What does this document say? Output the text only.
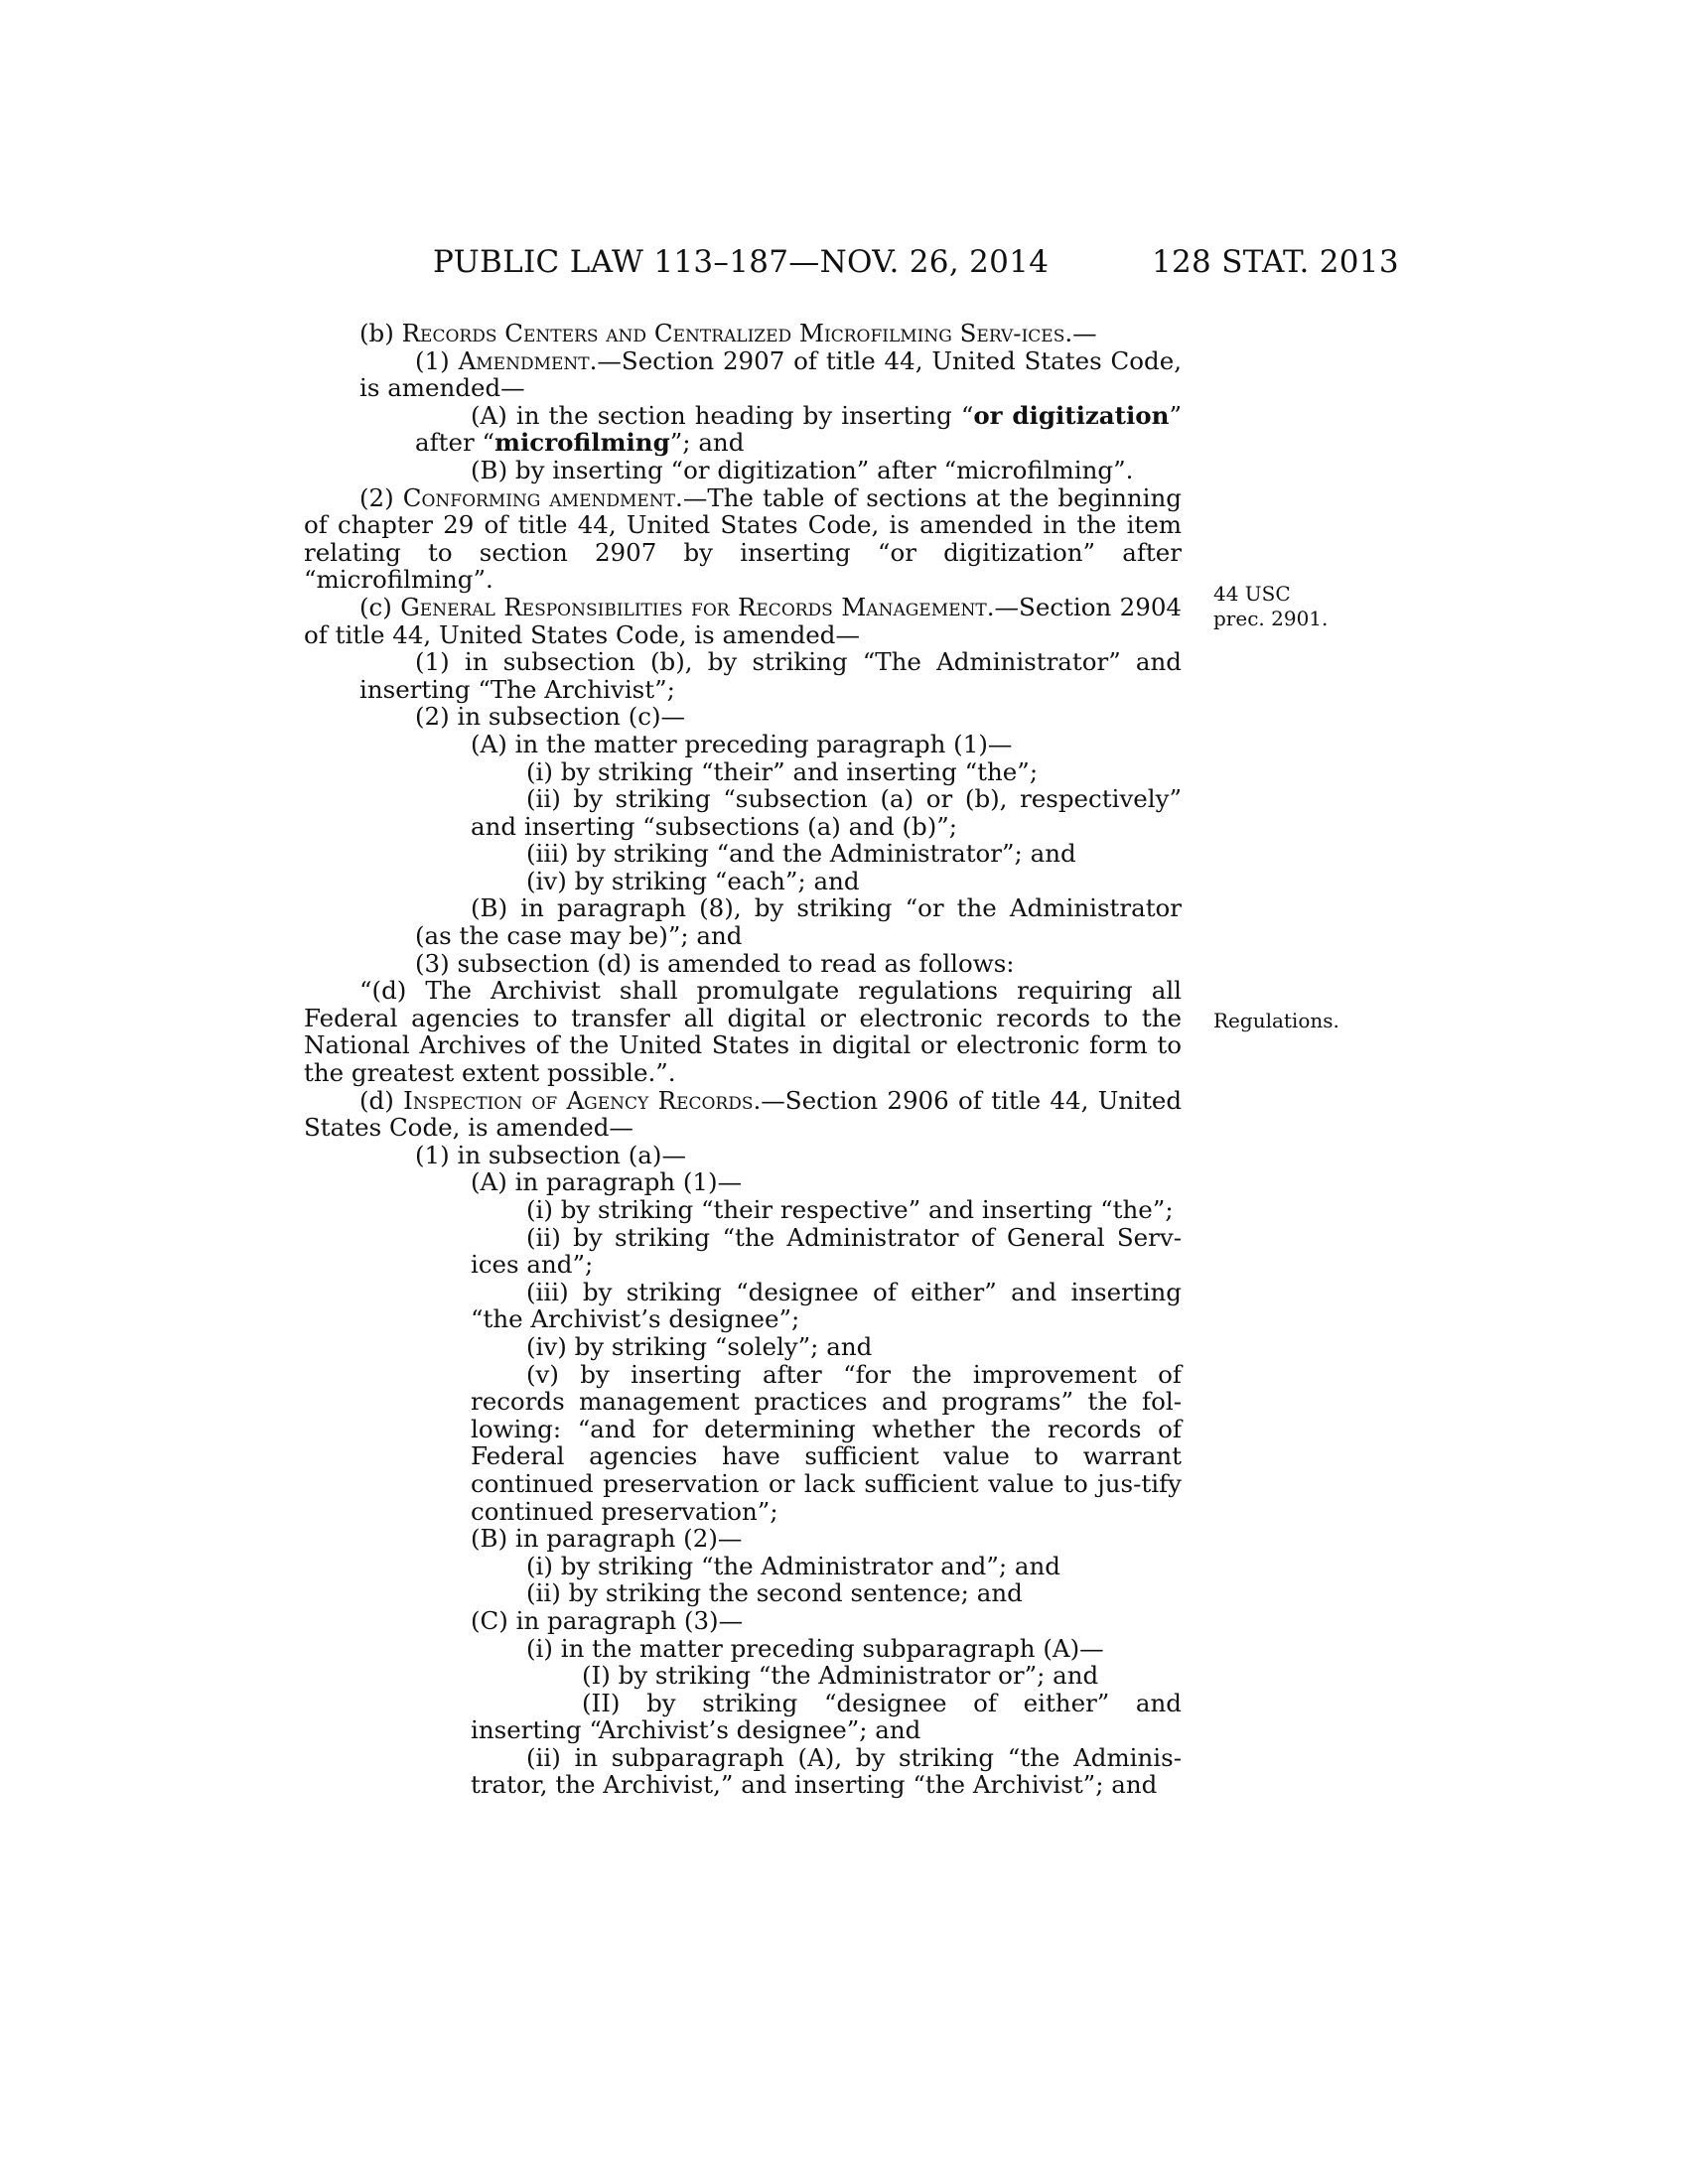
PUBLIC LAW 113–187—NOV. 26, 2014	128 STAT. 2013

(b) Records Centers and Centralized Microfilming Serv-ices.—

(1) Amendment.—Section 2907 of title 44, United States Code, is amended—

(A) in the section heading by inserting “or digitization” after “microfilming”; and

(B) by inserting “or digitization” after “microfilming”.

(2) Conforming amendment.—The table of sections at the beginning of chapter 29 of title 44, United States Code, is amended in the item relating to section 2907 by inserting “or digitization” after “microfilming”.

(c) General Responsibilities for Records Management.—Section 2904 of title 44, United States Code, is amended—

(1) in subsection (b), by striking “The Administrator” and inserting “The Archivist”;

(2) in subsection (c)—

(A) in the matter preceding paragraph (1)—

(i) by striking “their” and inserting “the”;

(ii) by striking “subsection (a) or (b), respectively” and inserting “subsections (a) and (b)”;

(iii) by striking “and the Administrator”; and

(iv) by striking “each”; and

(B) in paragraph (8), by striking “or the Administrator (as the case may be)”; and

(3) subsection (d) is amended to read as follows:

“(d) The Archivist shall promulgate regulations requiring all Federal agencies to transfer all digital or electronic records to the National Archives of the United States in digital or electronic form to the greatest extent possible.”.

(d) Inspection of Agency Records.—Section 2906 of title 44, United States Code, is amended—

(1) in subsection (a)—

(A) in paragraph (1)—

(i) by striking “their respective” and inserting “the”;

(ii) by striking “the Administrator of General Serv-ices and”;

(iii) by striking “designee of either” and inserting “the Archivist’s designee”;

(iv) by striking “solely”; and

(v) by inserting after “for the improvement of records management practices and programs” the fol-lowing: “and for determining whether the records of Federal agencies have sufficient value to warrant continued preservation or lack sufficient value to jus-tify continued preservation”;

(B) in paragraph (2)—

(i) by striking “the Administrator and”; and

(ii) by striking the second sentence; and

(C) in paragraph (3)—

(i) in the matter preceding subparagraph (A)—

(I) by striking “the Administrator or”; and

(II) by striking “designee of either” and inserting “Archivist’s designee”; and

(ii) in subparagraph (A), by striking “the Adminis-trator, the Archivist,” and inserting “the Archivist”; and

44 USC
prec. 2901.
Regulations.
